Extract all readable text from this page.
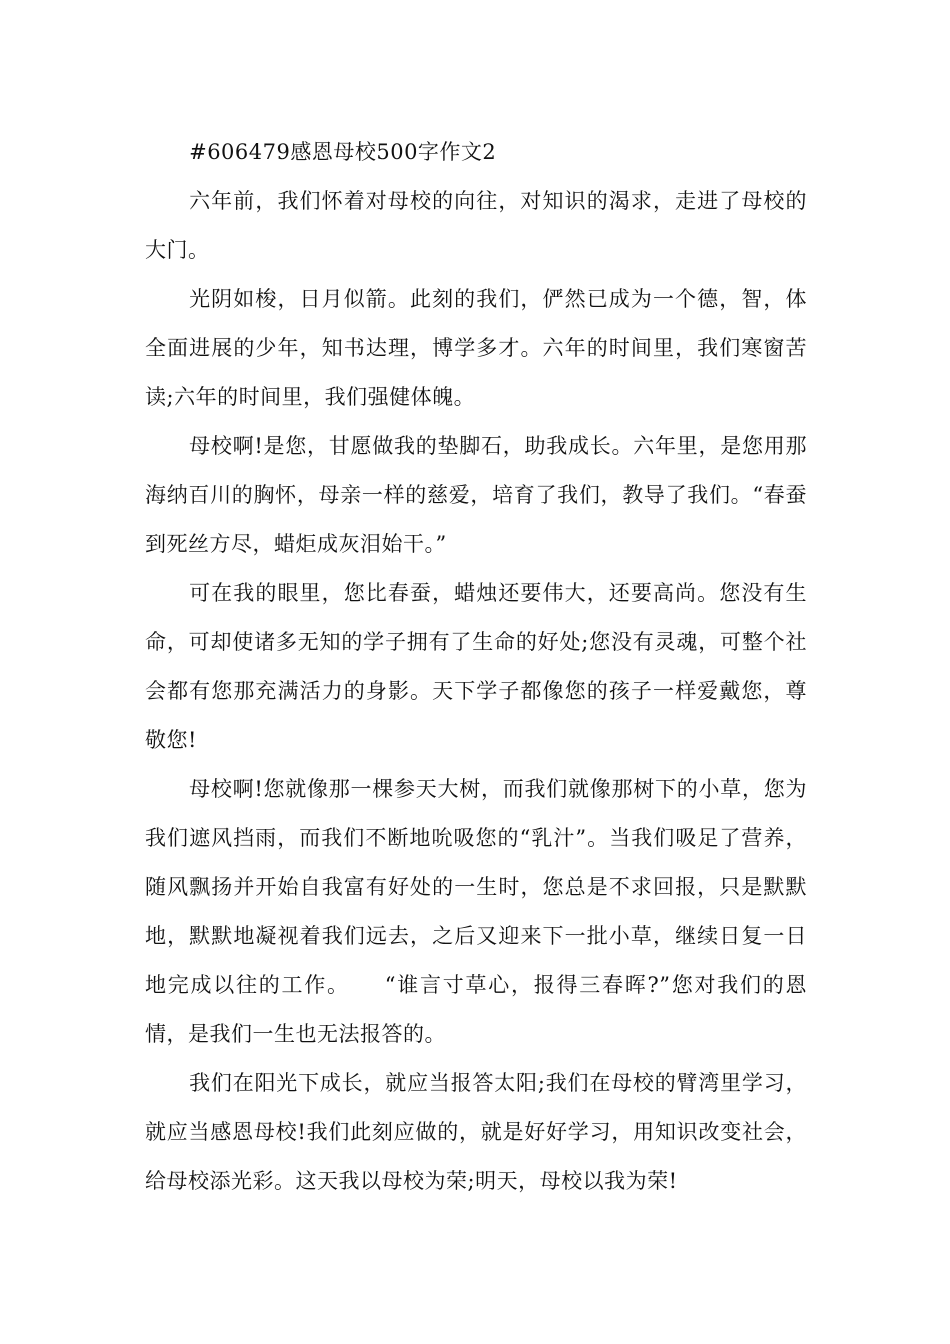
#606479感恩母校500字作文2

六年前，我们怀着对母校的向往，对知识的渴求，走进了母校的大门。

光阴如梭，日月似箭。此刻的我们，俨然已成为一个德，智，体全面进展的少年，知书达理，博学多才。六年的时间里，我们寒窗苦读;六年的时间里，我们强健体魄。

母校啊!是您，甘愿做我的垫脚石，助我成长。六年里，是您用那海纳百川的胸怀，母亲一样的慈爱，培育了我们，教导了我们。“春蚕到死丝方尽，蜡炬成灰泪始干。”

可在我的眼里，您比春蚕，蜡烛还要伟大，还要高尚。您没有生命，可却使诸多无知的学子拥有了生命的好处;您没有灵魂，可整个社会都有您那充满活力的身影。天下学子都像您的孩子一样爱戴您，尊敬您!

母校啊!您就像那一棵参天大树，而我们就像那树下的小草，您为我们遮风挡雨，而我们不断地吮吸您的“乳汁”。当我们吸足了营养，随风飘扬并开始自我富有好处的一生时，您总是不求回报，只是默默地，默默地凝视着我们远去，之后又迎来下一批小草，继续日复一日地完成以往的工作。　　“谁言寸草心，报得三春晖?”您对我们的恩情，是我们一生也无法报答的。

我们在阳光下成长，就应当报答太阳;我们在母校的臂湾里学习，就应当感恩母校!我们此刻应做的，就是好好学习，用知识改变社会，给母校添光彩。这天我以母校为荣;明天，母校以我为荣!
